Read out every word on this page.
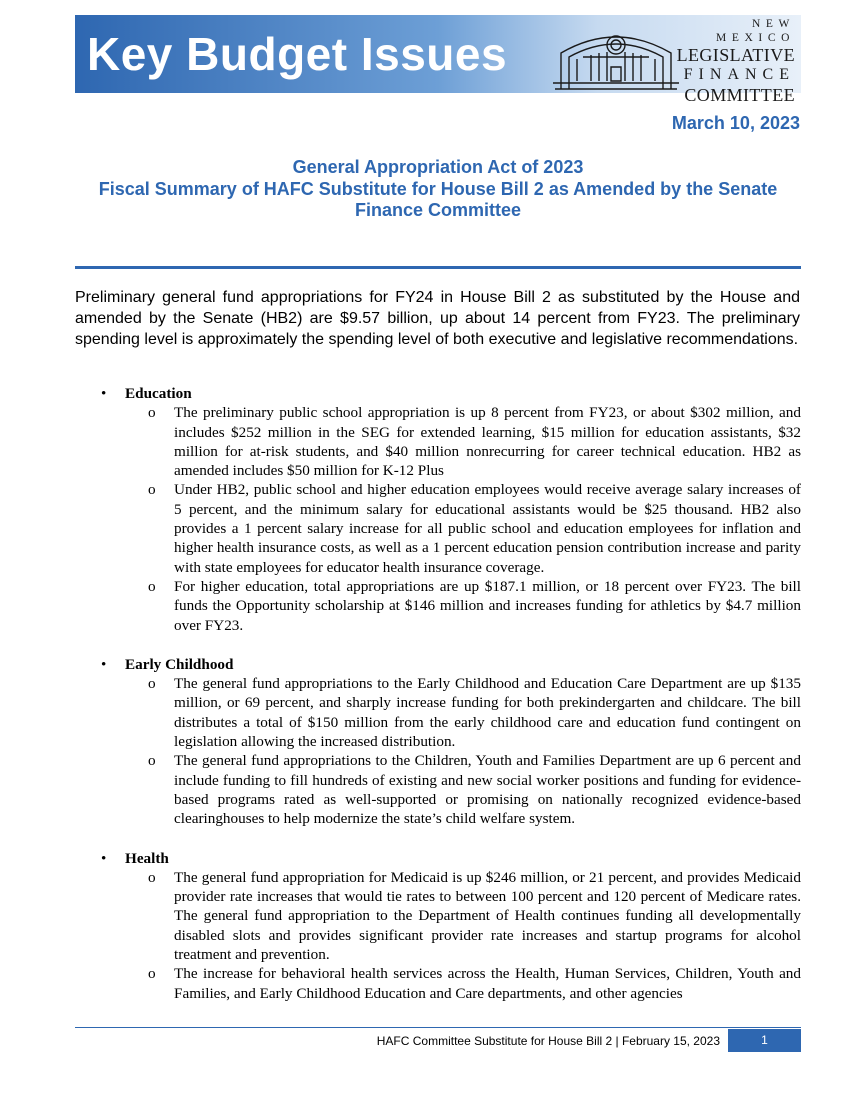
Key Budget Issues
NEW MEXICO
LEGISLATIVE
FINANCE
COMMITTEE
March 10, 2023
General Appropriation Act of 2023
Fiscal Summary of HAFC Substitute for House Bill 2 as Amended by the Senate Finance Committee

Preliminary general fund appropriations for FY24 in House Bill 2 as substituted by the House and amended by the Senate (HB2) are $9.57 billion, up about 14 percent from FY23. The preliminary spending level is approximately the spending level of both executive and legislative recommendations.

• Education
o The preliminary public school appropriation is up 8 percent from FY23, or about $302 million, and includes $252 million in the SEG for extended learning, $15 million for education assistants, $32 million for at-risk students, and $40 million nonrecurring for career technical education. HB2 as amended includes $50 million for K-12 Plus
o Under HB2, public school and higher education employees would receive average salary increases of 5 percent, and the minimum salary for educational assistants would be $25 thousand. HB2 also provides a 1 percent salary increase for all public school and education employees for inflation and higher health insurance costs, as well as a 1 percent education pension contribution increase and parity with state employees for educator health insurance coverage.
o For higher education, total appropriations are up $187.1 million, or 18 percent over FY23. The bill funds the Opportunity scholarship at $146 million and increases funding for athletics by $4.7 million over FY23.
• Early Childhood
o The general fund appropriations to the Early Childhood and Education Care Department are up $135 million, or 69 percent, and sharply increase funding for both prekindergarten and childcare. The bill distributes a total of $150 million from the early childhood care and education fund contingent on legislation allowing the increased distribution.
o The general fund appropriations to the Children, Youth and Families Department are up 6 percent and include funding to fill hundreds of existing and new social worker positions and funding for evidence-based programs rated as well-supported or promising on nationally recognized evidence-based clearinghouses to help modernize the state’s child welfare system.
• Health
o The general fund appropriation for Medicaid is up $246 million, or 21 percent, and provides Medicaid provider rate increases that would tie rates to between 100 percent and 120 percent of Medicare rates. The general fund appropriation to the Department of Health continues funding all developmentally disabled slots and provides significant provider rate increases and startup programs for alcohol treatment and prevention.
o The increase for behavioral health services across the Health, Human Services, Children, Youth and Families, and Early Childhood Education and Care departments, and other agencies
HAFC Committee Substitute for House Bill 2 | February 15, 2023	1
